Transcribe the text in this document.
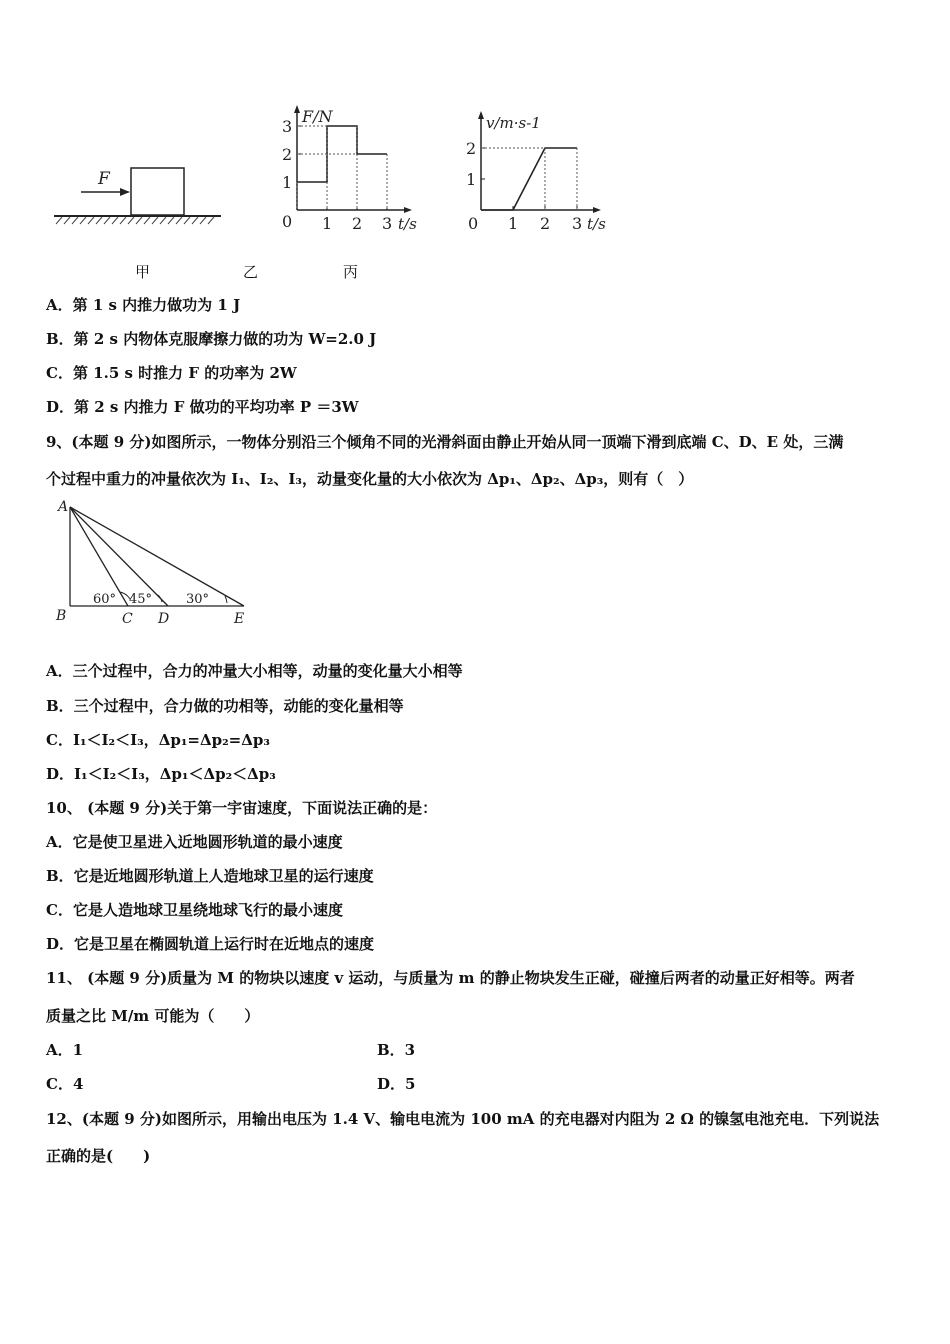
F
F/N
0	t/s
1 2 3
1
2
3	v/m·s-1
0	t/s
1 2 3
1
2
甲	乙	丙
A．第 1 s 内推力做功为 1 J
B．第 2 s 内物体克服摩擦力做的功为 W=2.0 J
C．第 1.5 s 时推力 F 的功率为 2W
D．第 2 s 内推力 F 做功的平均功率 P ＝3W
9、(本题 9 分)如图所示，一物体分别沿三个倾角不同的光滑斜面由静止开始从同一顶端下滑到底端 C、D、E 处，三满
个过程中重力的冲量依次为 I₁、I₂、I₃，动量变化量的大小依次为 Δp₁、Δp₂、Δp₃，则有（　）
A
B	C D	E
60° 45°	30°
A．三个过程中，合力的冲量大小相等，动量的变化量大小相等
B．三个过程中，合力做的功相等，动能的变化量相等
C．I₁＜I₂＜I₃，Δp₁=Δp₂=Δp₃
D．I₁＜I₂＜I₃，Δp₁＜Δp₂＜Δp₃
10、 (本题 9 分)关于第一宇宙速度，下面说法正确的是：
A．它是使卫星进入近地圆形轨道的最小速度
B．它是近地圆形轨道上人造地球卫星的运行速度
C．它是人造地球卫星绕地球飞行的最小速度
D．它是卫星在椭圆轨道上运行时在近地点的速度
11、 (本题 9 分)质量为 M 的物块以速度 v 运动，与质量为 m 的静止物块发生正碰，碰撞后两者的动量正好相等。两者
质量之比 M/m 可能为（　　）
A．1	B．3
C．4	D．5
12、(本题 9 分)如图所示，用输出电压为 1.4 V、输电电流为 100 mA 的充电器对内阻为 2 Ω 的镍氢电池充电．下列说法
正确的是(　　)
